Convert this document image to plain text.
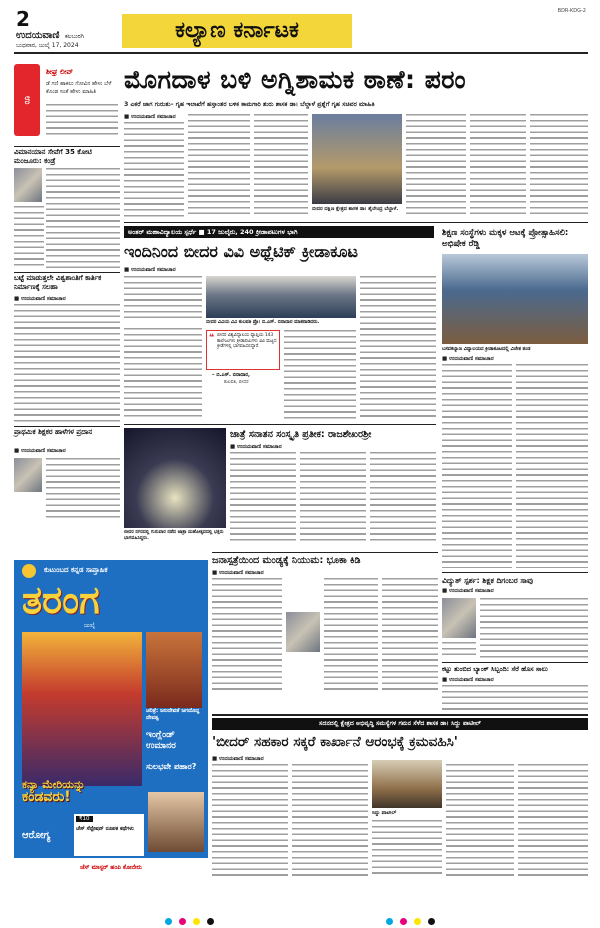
2
ಉದಯವಾಣಿ ಕಲಬುರಗಿ
ಬುಧವಾರ, ಜುಲೈ 17, 2024
ಕಲ್ಯಾಣ ಕರ್ನಾಟಕ
BDR-KDG-2
ಉ
ಶೀಘ್ರ ಲೀವ್
ಡೆ ಗಣಿ ಹಾಕಲು ಗೋವಿನ ಹೇಳು ಬೆಳೆ ಕೊಂಡ ಸಂತೆ ಹೇಳು ಮಾಹಿತಿ	ಮೊಗದಾಳ ಬಳಿ ಅಗ್ನಿಶಾಮಕ ಠಾಣೆ: ಪರಂ
3 ಎಕರೆ ಜಾಗ ಗುರುತು– ಗೃಹ ಇಲಾಖೆಗೆ ಹಸ್ತಾಂತರ ಬಳಿಕ ಕಾಮಗಾರಿ ಶುರು ಶಾಸಕ ಡಾ। ಬೆಲ್ದಾಳೆ ಪ್ರಶ್ನೆಗೆ ಗೃಹ ಸಚಿವರ ಮಾಹಿತಿ
■ ಉದಯವಾಣಿ ಸಮಾಚಾರ
ಬೀದರ ದಕ್ಷಿಣ ಕ್ಷೇತ್ರದ ಶಾಸಕ ಡಾ। ಶೈಲೇಂದ್ರ ಬೆಲ್ದಾಳೆ.
ವಿಮಾನಯಾನ ಸೇವೆಗೆ 35 ಕೋಟಿ ಮಂಜೂರು: ಕಂಡ್ರೆ
ಬಟ್ಟೆ ಮಾಡುತ್ತಲೇ ವಿಶ್ವಶಾಂತಿಗೆ ಕಾರ್ತಿಕ ನಿರ್ಮಾಣಕ್ಕೆ ಸಲಹಾ
■ ಉದಯವಾಣಿ ಸಮಾಚಾರ
ಪ್ರಾಥಮಿಕ ಶಿಕ್ಷಕರ ಹಾಳೆಗಳ ಪ್ರದಾನ
■ ಉದಯವಾಣಿ ಸಮಾಚಾರ
ಅಂತರ್ ಮಹಾವಿದ್ಯಾಲಯ ಸ್ಪರ್ಧೆ ■ 17 ಜುಲೈರು, 240 ಕ್ರೀಡಾಪಟುಗಳ ಭಾಗಿ
ಇಂದಿನಿಂದ ಬೀದರ ವಿವಿ ಅಥ್ಲೆಟಿಕ್ ಕ್ರೀಡಾಕೂಟ
■ ಉದಯವಾಣಿ ಸಮಾಚಾರ
ಬೀದರ ವಿವಿಯ ವಿವಿ ಕುಲಪತಿ ಪ್ರೊ। ಬಿ.ಎಸ್. ಬಿರಾದಾರ ಮಾತನಾಡಿದರು.
❝ ಬೀದರ ವಿಶ್ವವಿದ್ಯಾಲಯ ವ್ಯಾಪ್ತಿಯ 143 ಕಾಲೇಜುಗಳು ಕ್ರೀಡಾಪಟುಗಳು ವಿವಿ ಮಟ್ಟದ ಕ್ರೀಡೆಗಳಲ್ಲಿ ಭಾಗವಹಿಸಲಿದ್ದಾರೆ.
– ಬಿ.ಎಸ್. ಬಿರಾದಾರ,
ಕುಲಪತಿ, ಬೀದರ
ಶಿಕ್ಷಣ ಸಂಸ್ಥೆಗಳು ಮಕ್ಕಳ ಆಟಕ್ಕೆ ಪ್ರೋತ್ಸಾಹಿಸಲಿ: ಅಭಿಷೇಕ ರೆಡ್ಡಿ
ಬಸವಕಲ್ಯಾಣ ವಿದ್ಯಾಲಯದ ಕ್ರೀಡಾಕೂಟದಲ್ಲಿ ವಿಜೇತ ತಂಡ
■ ಉದಯವಾಣಿ ಸಮಾಚಾರ
ಬೀದರ ನಗರದಲ್ಲಿ ಗುರುವಾರ ನಡೆದ ಜಾತ್ರಾ ಮಹೋತ್ಸವದಲ್ಲಿ ಭಕ್ತರು ಭಾಗವಹಿಸಿದ್ದರು.
ಜಾತ್ರೆ ಸನಾತನ ಸಂಸ್ಕೃತಿ ಪ್ರತೀಕ: ರಾಜಶೇಖರಶ್ರೀ
■ ಉದಯವಾಣಿ ಸಮಾಚಾರ
ಕುಟುಂಬದ ಕನ್ನಡ ಸಾಪ್ತಾಹಿಕ
ತರಂಗ
ಜುಲೈ
ಚರಿತ್ರೆ: ಜಲದೇವತೆ ಜಗದೊದ್ದ ದೇವತ್ವ
ಇಂಗ್ಲೆಂಡ್ ಉಮಾನರ
ಸುಲಭವೇ ಪಹಾರ?
ಕನ್ಯಾ ಮೇರಿಯನ್ನು
ಕಂಡವರು!
₹10
ಚೆಸ್ ಸೆನ್ಸೇಷನ್ ರೂಪಕ ಕಥೆಗಳು
ಆರೋಗ್ಯ
ಚೆಸ್ ಮಾಸ್ಟರ್ ಹಂಪಿ ಕೋನೇರು
ಜನಾಸ್ಪತ್ರೆಯಿಂದ ಮಂಡ್ಯಕ್ಕೆ ನಿಯುಮ: ಭೂಕಾ ಕಿಡಿ
■ ಉದಯವಾಣಿ ಸಮಾಚಾರ
ವಿದ್ಯುತ್ ಸ್ಪರ್ಶ: ಶಿಕ್ಷಕ ದಿಗಂಬರ ಸಾವು
■ ಉದಯವಾಣಿ ಸಮಾಚಾರ
ಕಟ್ಟು ತುಂಬಿದ ಬ್ಯಾಂಕ್ ಸಿಬ್ಬಂದಿ: ಸೆರೆ ಹೊಸ ಸಾಲು
■ ಉದಯವಾಣಿ ಸಮಾಚಾರ
ಸದನದಲ್ಲಿ ಕ್ಷೇತ್ರದ ಅಭಿವೃದ್ಧಿ ಸಮಸ್ಯೆಗಳ ಗಮನ ಸೆಳೆದ ಶಾಸಕ ಡಾ। ಸಿದ್ದು ಪಾಟೀಲ್
'ಬೀದರ್ ಸಹಕಾರ ಸಕ್ಕರೆ ಕಾರ್ಖಾನೆ ಆರಂಭಕ್ಕೆ ಕ್ರಮವಹಿಸಿ'
■ ಉದಯವಾಣಿ ಸಮಾಚಾರ
ಸಿದ್ದು ಪಾಟೀಲ್
